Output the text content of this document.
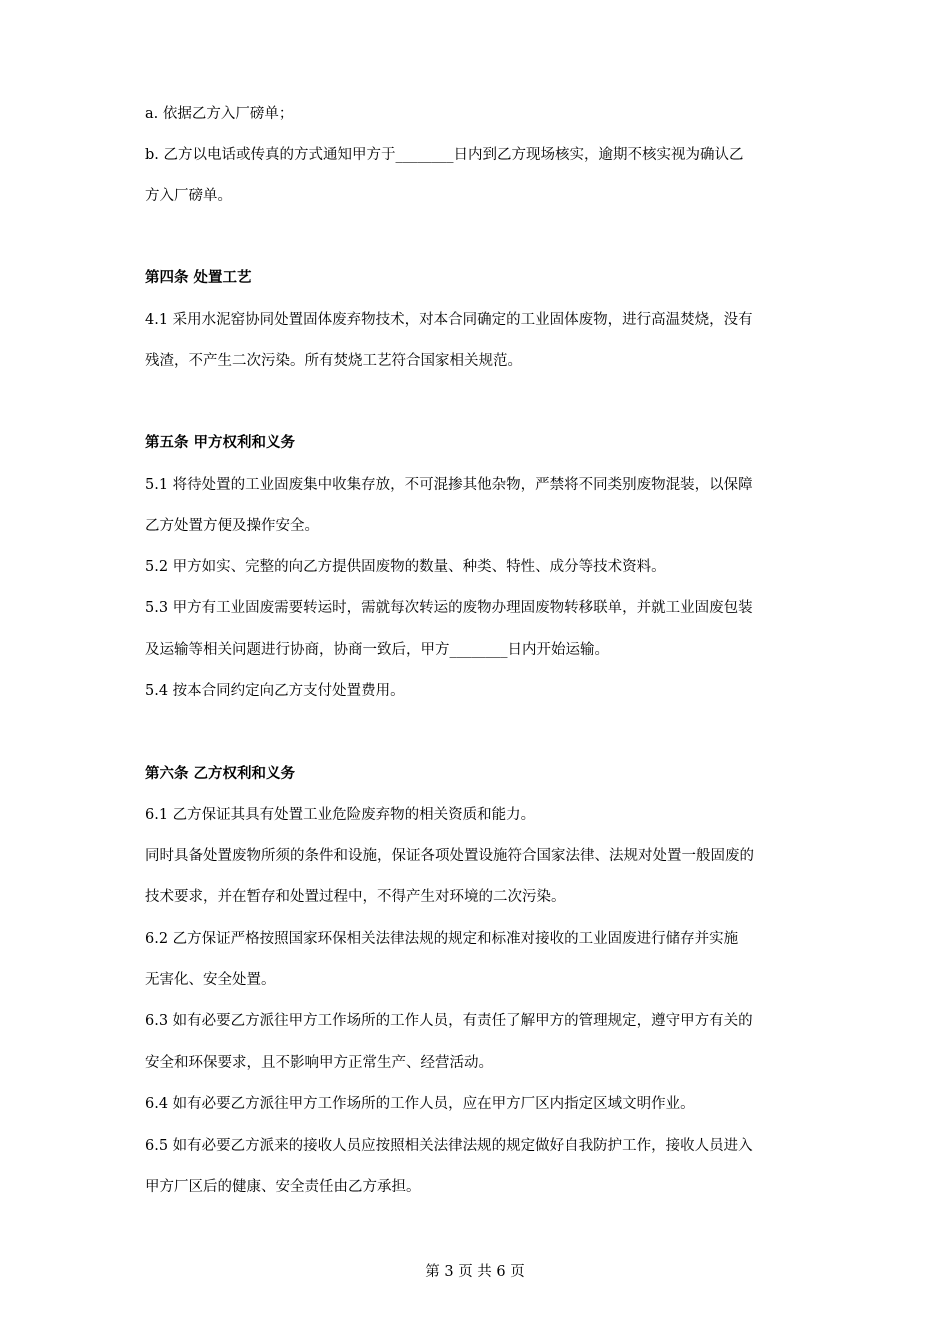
a. 依据乙方入厂磅单；
b. 乙方以电话或传真的方式通知甲方于________日内到乙方现场核实，逾期不核实视为确认乙
方入厂磅单。
第四条 处置工艺
4.1 采用水泥窑协同处置固体废弃物技术，对本合同确定的工业固体废物，进行高温焚烧，没有
残渣，不产生二次污染。所有焚烧工艺符合国家相关规范。
第五条 甲方权利和义务
5.1 将待处置的工业固废集中收集存放，不可混掺其他杂物，严禁将不同类别废物混装，以保障
乙方处置方便及操作安全。
5.2 甲方如实、完整的向乙方提供固废物的数量、种类、特性、成分等技术资料。
5.3 甲方有工业固废需要转运时，需就每次转运的废物办理固废物转移联单，并就工业固废包装
及运输等相关问题进行协商，协商一致后，甲方________日内开始运输。
5.4 按本合同约定向乙方支付处置费用。
第六条 乙方权利和义务
6.1 乙方保证其具有处置工业危险废弃物的相关资质和能力。
同时具备处置废物所须的条件和设施，保证各项处置设施符合国家法律、法规对处置一般固废的
技术要求，并在暂存和处置过程中，不得产生对环境的二次污染。
6.2 乙方保证严格按照国家环保相关法律法规的规定和标准对接收的工业固废进行储存并实施
无害化、安全处置。
6.3 如有必要乙方派往甲方工作场所的工作人员，有责任了解甲方的管理规定，遵守甲方有关的
安全和环保要求，且不影响甲方正常生产、经营活动。
6.4 如有必要乙方派往甲方工作场所的工作人员，应在甲方厂区内指定区域文明作业。
6.5 如有必要乙方派来的接收人员应按照相关法律法规的规定做好自我防护工作，接收人员进入
甲方厂区后的健康、安全责任由乙方承担。
第 3 页 共 6 页
